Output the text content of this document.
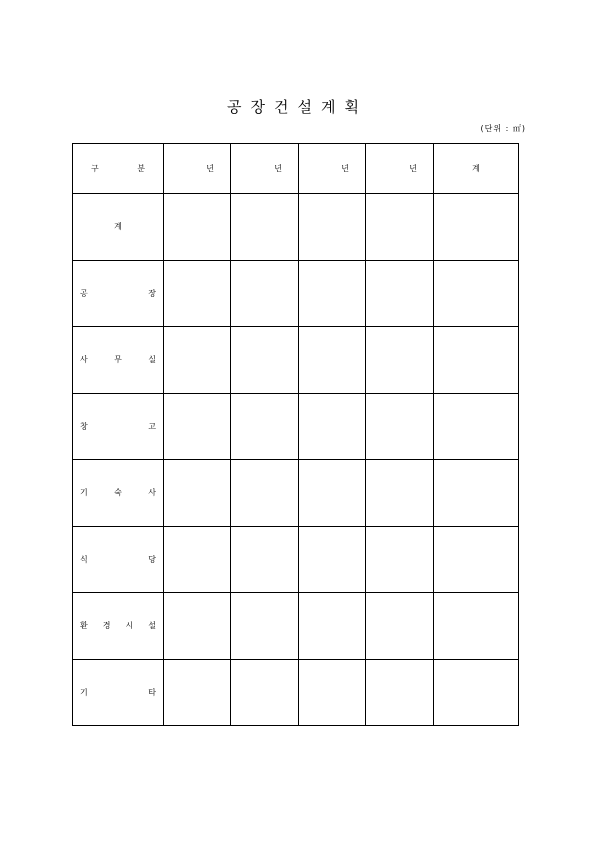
공장건설계획
(단위 : ㎡)
구 분	년	년	년	년	계

계					

공 장					

사 무 실					

창 고					

기 숙 사					

식 당					

환 경 시 설					

기 타					
